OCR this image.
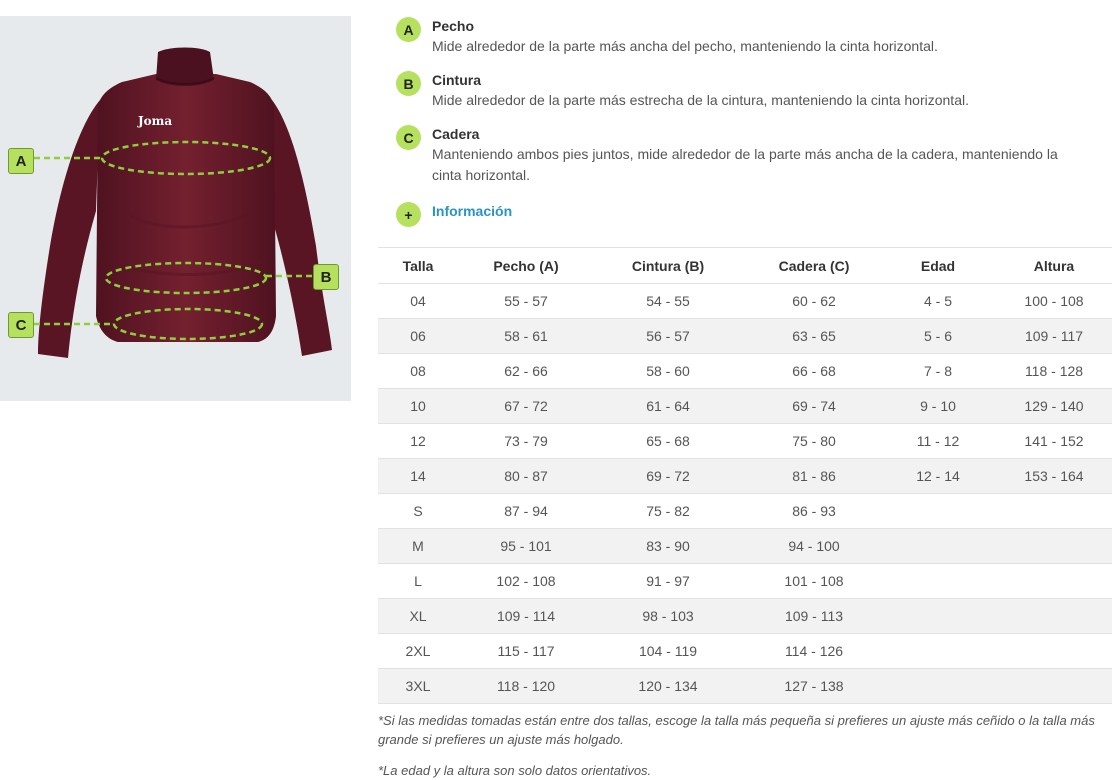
Joma
A
B
C
A	Pecho
Mide alrededor de la parte más ancha del pecho, manteniendo la cinta horizontal.
B	Cintura
Mide alrededor de la parte más estrecha de la cintura, manteniendo la cinta horizontal.
C	Cadera
Manteniendo ambos pies juntos, mide alrededor de la parte más ancha de la cadera, manteniendo la cinta horizontal.
+	Información
Talla	Pecho (A)	Cintura (B)	Cadera (C)	Edad	Altura
04	55 - 57	54 - 55	60 - 62	4 - 5	100 - 108
06	58 - 61	56 - 57	63 - 65	5 - 6	109 - 117
08	62 - 66	58 - 60	66 - 68	7 - 8	118 - 128
10	67 - 72	61 - 64	69 - 74	9 - 10	129 - 140
12	73 - 79	65 - 68	75 - 80	11 - 12	141 - 152
14	80 - 87	69 - 72	81 - 86	12 - 14	153 - 164
S	87 - 94	75 - 82	86 - 93		
M	95 - 101	83 - 90	94 - 100		
L	102 - 108	91 - 97	101 - 108		
XL	109 - 114	98 - 103	109 - 113		
2XL	115 - 117	104 - 119	114 - 126		
3XL	118 - 120	120 - 134	127 - 138		

*Si las medidas tomadas están entre dos tallas, escoge la talla más pequeña si prefieres un ajuste más ceñido o la talla más grande si prefieres un ajuste más holgado.

*La edad y la altura son solo datos orientativos.
